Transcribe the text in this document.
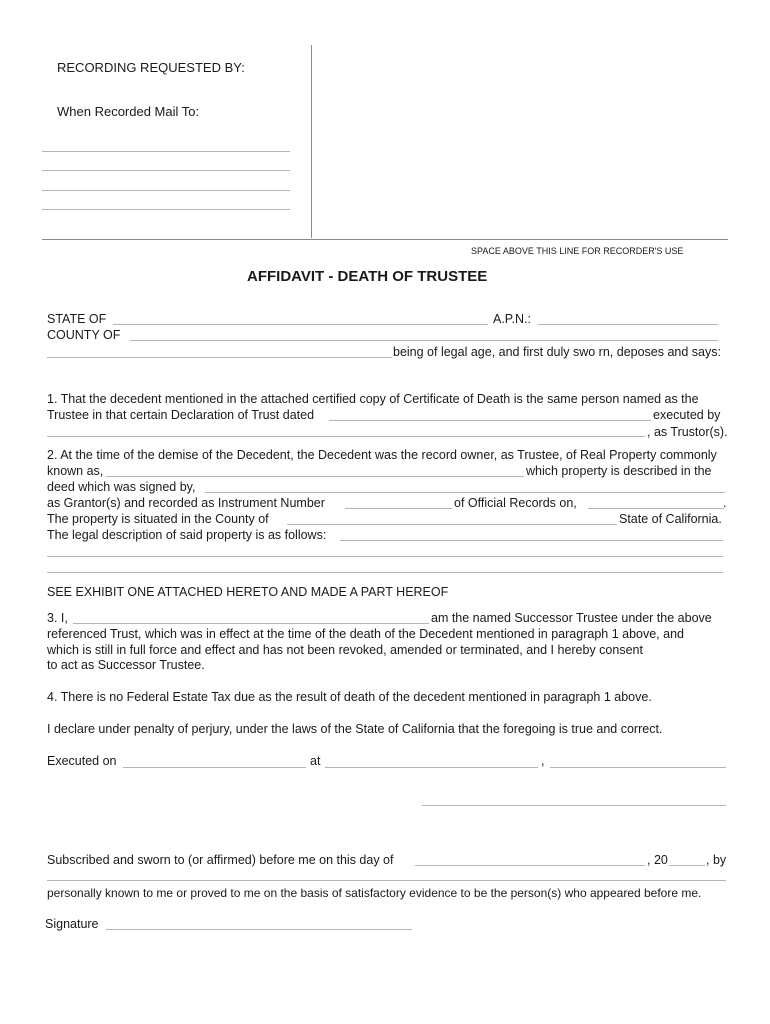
RECORDING REQUESTED BY:
When Recorded Mail To:
SPACE ABOVE THIS LINE FOR RECORDER'S USE
AFFIDAVIT - DEATH OF TRUSTEE
STATE OF	A.P.N.:
COUNTY OF
being of legal age, and first duly swo rn, deposes and says:
1. That the decedent mentioned in the attached certified copy of Certificate of Death is the same person named as the
Trustee in that certain Declaration of Trust dated	executed by
, as Trustor(s).
2. At the time of the demise of the Decedent, the Decedent was the record owner, as Trustee, of Real Property commonly
known as,	which property is described in the
deed which was signed by,
as Grantor(s) and recorded as Instrument Number	of Official Records on,	.
The property is situated in the County of	State of California.
The legal description of said property is as follows:
SEE EXHIBIT ONE ATTACHED HERETO AND MADE A PART HEREOF
3. I,	am the named Successor Trustee under the above
referenced Trust, which was in effect at the time of the death of the Decedent mentioned in paragraph 1 above, and
which is still in full force and effect and has not been revoked, amended or terminated, and I hereby consent
to act as Successor Trustee.
4. There is no Federal Estate Tax due as the result of death of the decedent mentioned in paragraph 1 above.
I declare under penalty of perjury, under the laws of the State of California that the foregoing is true and correct.
Executed on	at	,
Subscribed and sworn to (or affirmed) before me on this day of	, 20	, by
personally known to me or proved to me on the basis of satisfactory evidence to be the person(s) who appeared before me.
Signature
